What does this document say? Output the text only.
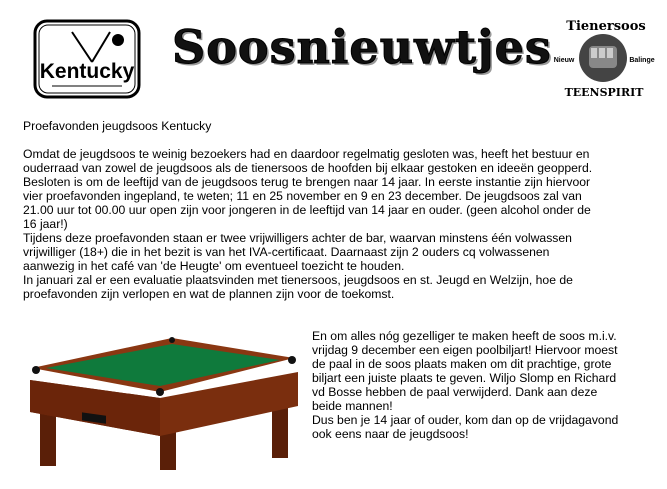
Kentucky Soosnieuwtjes Tienersoos
Nieuw	Balinge
TEENSPIRIT
Proefavonden jeugdsoos Kentucky
Omdat de jeugdsoos te weinig bezoekers had en daardoor regelmatig gesloten was, heeft het bestuur en
ouderraad van zowel de jeugdsoos als de tienersoos de hoofden bij elkaar gestoken en ideeën geopperd.
Besloten is om de leeftijd van de jeugdsoos terug te brengen naar 14 jaar. In eerste instantie zijn hiervoor
vier proefavonden ingepland, te weten; 11 en 25 november en 9 en 23 december. De jeugdsoos zal van
21.00 uur tot 00.00 uur open zijn voor jongeren in de leeftijd van 14 jaar en ouder. (geen alcohol onder de
16 jaar!)
Tijdens deze proefavonden staan er twee vrijwilligers achter de bar, waarvan minstens één volwassen
vrijwilliger (18+) die in het bezit is van het IVA-certificaat. Daarnaast zijn 2 ouders cq volwassenen
aanwezig in het café van 'de Heugte' om eventueel toezicht te houden.
In januari zal er een evaluatie plaatsvinden met tienersoos, jeugdsoos en st. Jeugd en Welzijn, hoe de
proefavonden zijn verlopen en wat de plannen zijn voor de toekomst.
En om alles nóg gezelliger te maken heeft de soos m.i.v.
vrijdag 9 december een eigen poolbiljart! Hiervoor moest
de paal in de soos plaats maken om dit prachtige, grote
biljart een juiste plaats te geven. Wiljo Slomp en Richard
vd Bosse hebben de paal verwijderd. Dank aan deze
beide mannen!
Dus ben je 14 jaar of ouder, kom dan op de vrijdagavond
ook eens naar de jeugdsoos!
